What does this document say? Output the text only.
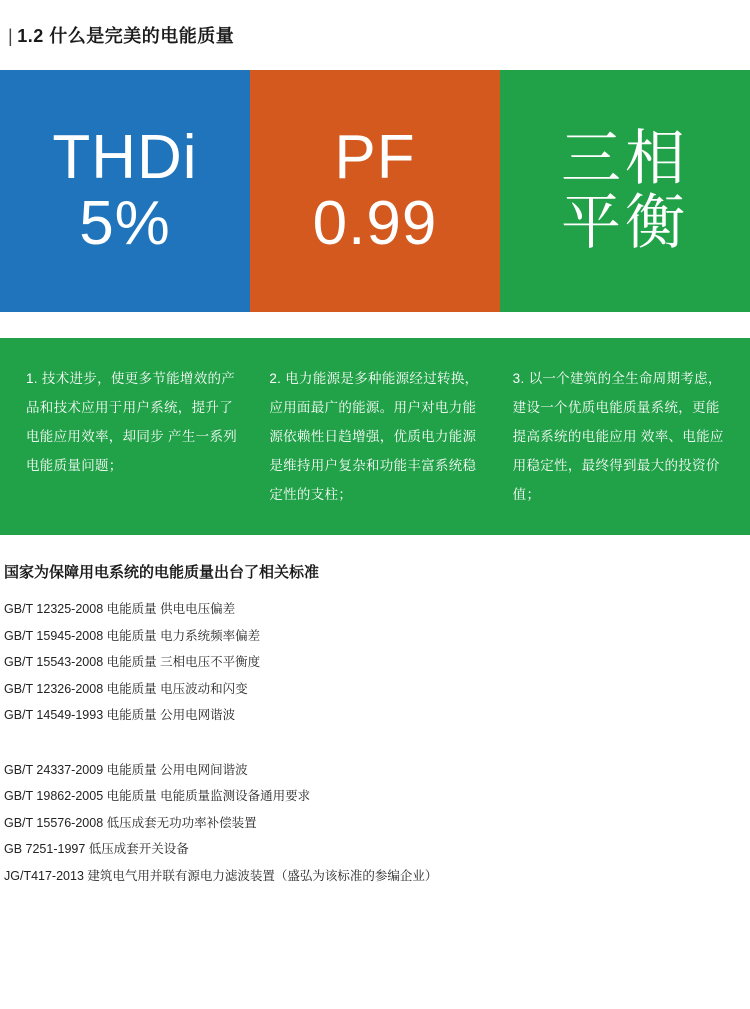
| 1.2 什么是完美的电能质量
THDi
5%
PF
0.99
三相
平衡
1. 技术进步，使更多节能增效的产品和技术应用于用户系统，提升了电能应用效率，却同步 产生一系列电能质量问题；
2. 电力能源是多种能源经过转换， 应用面最广的能源。用户对电力能源依赖性日趋增强，优质电力能源是维持用户复杂和功能丰富系统稳定性的支柱；
3. 以一个建筑的全生命周期考虑，建设一个优质电能质量系统，更能提高系统的电能应用 效率、电能应用稳定性，最终得到最大的投资价值；
国家为保障用电系统的电能质量出台了相关标准
GB/T 12325-2008 电能质量 供电电压偏差
GB/T 15945-2008 电能质量 电力系统频率偏差
GB/T 15543-2008 电能质量 三相电压不平衡度
GB/T 12326-2008 电能质量 电压波动和闪变
GB/T 14549-1993 电能质量 公用电网谐波
GB/T 24337-2009 电能质量 公用电网间谐波
GB/T 19862-2005 电能质量 电能质量监测设备通用要求
GB/T 15576-2008 低压成套无功功率补偿装置
GB 7251-1997 低压成套开关设备
JG/T417-2013 建筑电气用并联有源电力滤波装置（盛弘为该标准的参编企业）
